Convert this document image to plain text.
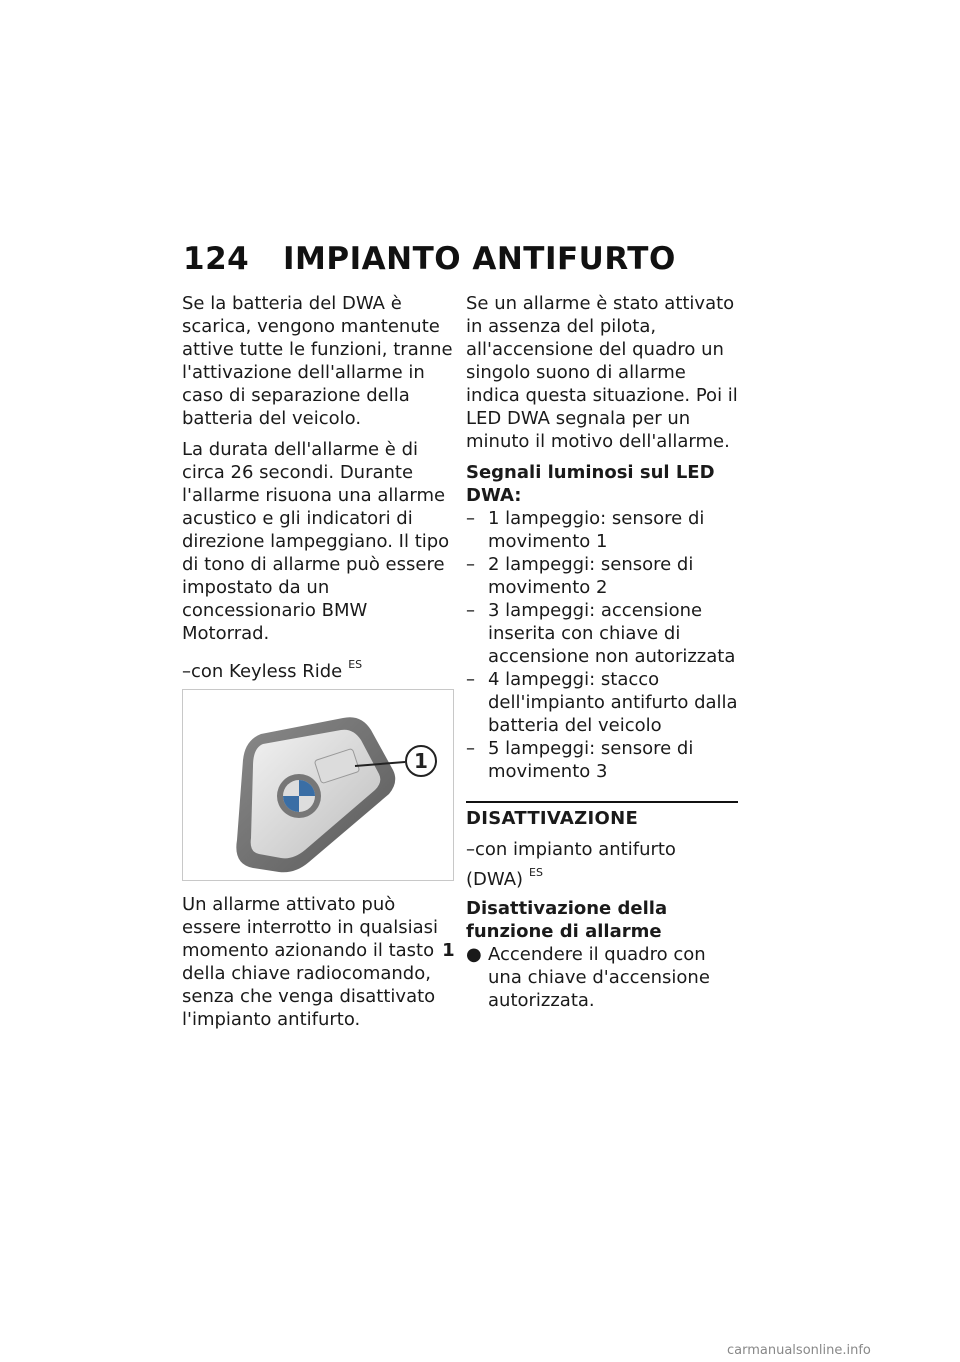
124 IMPIANTO ANTIFURTO

Se la batteria del DWA è scarica, vengono mantenute attive tutte le funzioni, tranne l'attivazione dell'allarme in caso di separazione della batteria del veicolo.

La durata dell'allarme è di circa 26 secondi. Durante l'allarme risuona una allarme acustico e gli indicatori di direzione lampeggiano. Il tipo di tono di allarme può essere impostato da un concessionario BMW Motorrad.

–con Keyless Ride $^{ES}$
1

Un allarme attivato può essere interrotto in qualsiasi momento azionando il tasto 1 della chiave radiocomando, senza che venga disattivato l'impianto antifurto.

Se un allarme è stato attivato in assenza del pilota, all'accensione del quadro un singolo suono di allarme indica questa situazione. Poi il LED DWA segnala per un minuto il motivo dell'allarme.

Segnali luminosi sul LED DWA:

– 1 lampeggio: sensore di movimento 1
– 2 lampeggi: sensore di movimento 2
– 3 lampeggi: accensione inserita con chiave di accensione non autorizzata
– 4 lampeggi: stacco dell'impianto antifurto dalla batteria del veicolo
– 5 lampeggi: sensore di movimento 3
DISATTIVAZIONE
–con impianto antifurto (DWA) $^{ES}$

Disattivazione della funzione di allarme

● Accendere il quadro con una chiave d'accensione autorizzata.
carmanualsonline.info
